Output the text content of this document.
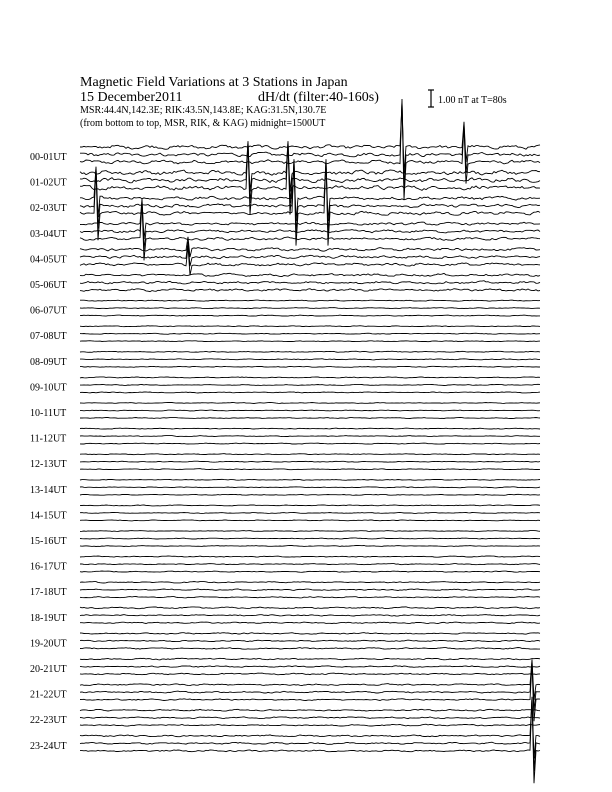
Magnetic Field Variations at 3 Stations in Japan
15 December2011	dH/dt (filter:40-160s)
MSR:44.4N,142.3E; RIK:43.5N,143.8E; KAG:31.5N,130.7E
(from bottom to top, MSR, RIK, & KAG) midnight=1500UT
1.00 nT at T=80s
00-01UT
01-02UT
02-03UT
03-04UT
04-05UT
05-06UT
06-07UT
07-08UT
08-09UT
09-10UT
10-11UT
11-12UT
12-13UT
13-14UT
14-15UT
15-16UT
16-17UT
17-18UT
18-19UT
19-20UT
20-21UT
21-22UT
22-23UT
23-24UT
